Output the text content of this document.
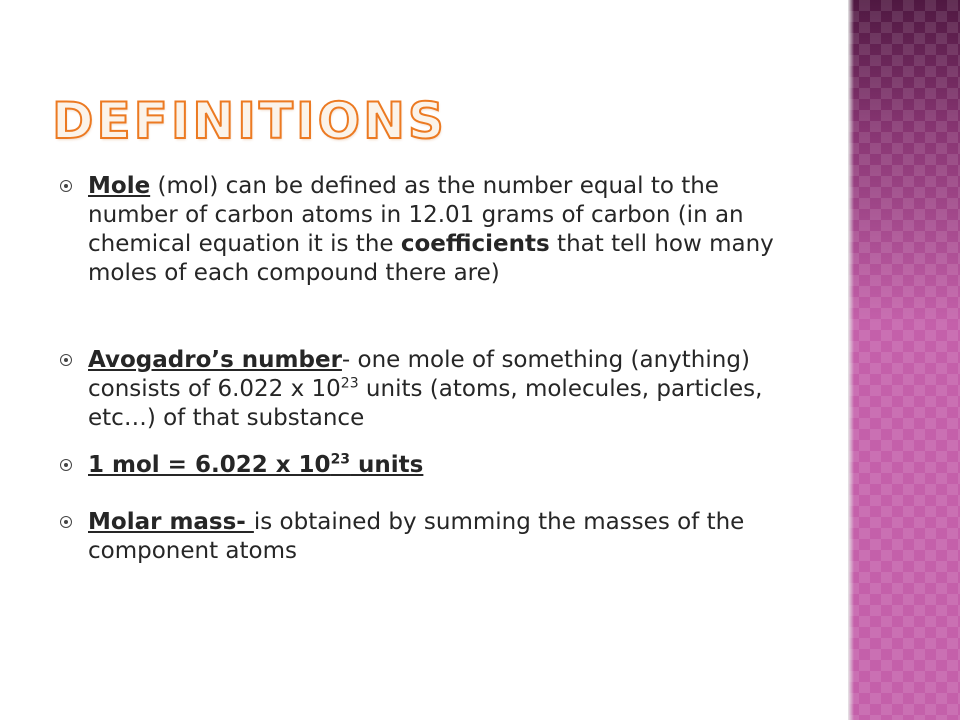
DEFINITIONS
Mole (mol) can be defined as the number equal to the number of carbon atoms in 12.01 grams of carbon (in an chemical equation it is the coefficients that tell how many moles of each compound there are)
Avogadro’s number- one mole of something (anything) consists of 6.022 x $10^{23}$ units (atoms, molecules, particles, etc…) of that substance
1 mol = 6.022 x $10^{23}$ units
Molar mass- is obtained by summing the masses of the component atoms
